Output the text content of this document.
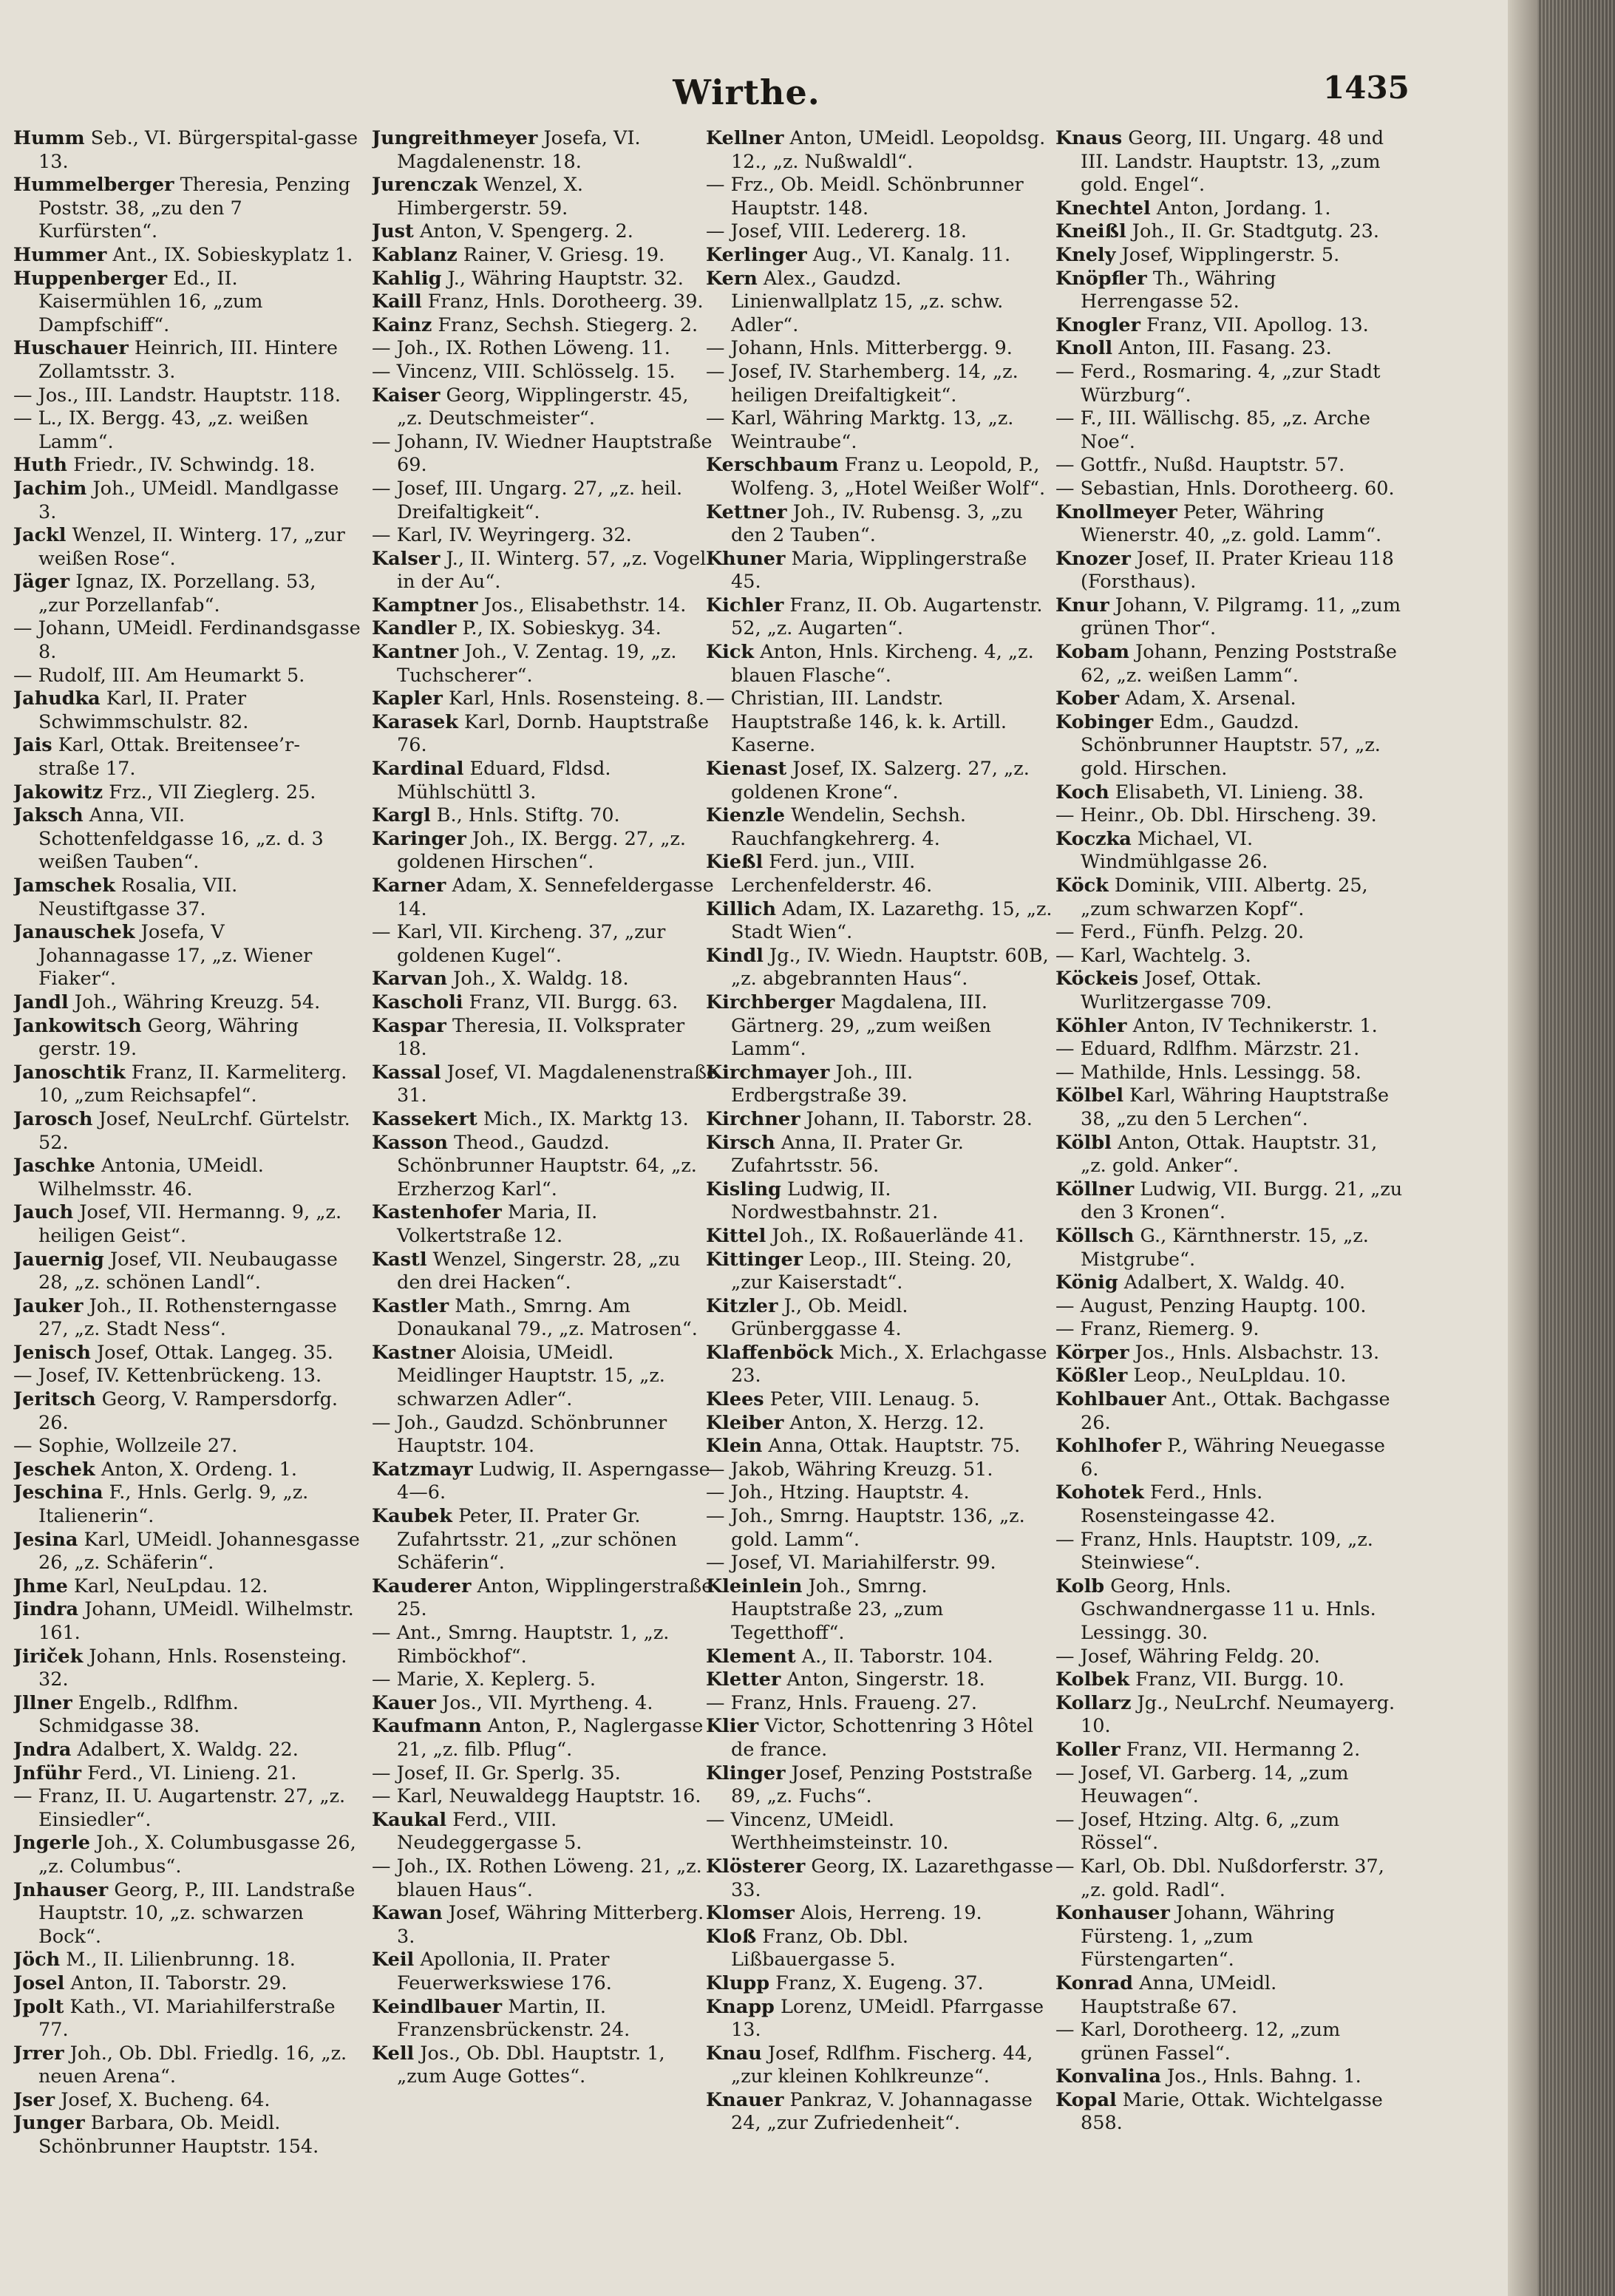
Wirthe.	1435

Humm Seb., VI. Bürgerspital-gasse 13.

Hummelberger Theresia, Penzing Poststr. 38, „zu den 7 Kurfürsten“.

Hummer Ant., IX. Sobieskyplatz 1.

Huppenberger Ed., II. Kaisermühlen 16, „zum Dampfschiff“.

Huschauer Heinrich, III. Hintere Zollamtsstr. 3.

— Jos., III. Landstr. Hauptstr. 118.

— L., IX. Bergg. 43, „z. weißen Lamm“.

Huth Friedr., IV. Schwindg. 18.

Jachim Joh., UMeidl. Mandlgasse 3.

Jackl Wenzel, II. Winterg. 17, „zur weißen Rose“.

Jäger Ignaz, IX. Porzellang. 53, „zur Porzellanfab“.

— Johann, UMeidl. Ferdinandsgasse 8.

— Rudolf, III. Am Heumarkt 5.

Jahudka Karl, II. Prater Schwimmschulstr. 82.

Jais Karl, Ottak. Breitensee’r-straße 17.

Jakowitz Frz., VII Zieglerg. 25.

Jaksch Anna, VII. Schottenfeldgasse 16, „z. d. 3 weißen Tauben“.

Jamschek Rosalia, VII. Neustiftgasse 37.

Janauschek Josefa, V Johannagasse 17, „z. Wiener Fiaker“.

Jandl Joh., Währing Kreuzg. 54.

Jankowitsch Georg, Währing gerstr. 19.

Janoschtik Franz, II. Karmeliterg. 10, „zum Reichsapfel“.

Jarosch Josef, NeuLrchf. Gürtelstr. 52.

Jaschke Antonia, UMeidl. Wilhelmsstr. 46.

Jauch Josef, VII. Hermanng. 9, „z. heiligen Geist“.

Jauernig Josef, VII. Neubaugasse 28, „z. schönen Landl“.

Jauker Joh., II. Rothensterngasse 27, „z. Stadt Ness“.

Jenisch Josef, Ottak. Langeg. 35.

— Josef, IV. Kettenbrückeng. 13.

Jeritsch Georg, V. Rampersdorfg. 26.

— Sophie, Wollzeile 27.

Jeschek Anton, X. Ordeng. 1.

Jeschina F., Hnls. Gerlg. 9, „z. Italienerin“.

Jesina Karl, UMeidl. Johannesgasse 26, „z. Schäferin“.

Jhme Karl, NeuLpdau. 12.

Jindra Johann, UMeidl. Wilhelmstr. 161.

Jiriček Johann, Hnls. Rosensteing. 32.

Jllner Engelb., Rdlfhm. Schmidgasse 38.

Jndra Adalbert, X. Waldg. 22.

Jnführ Ferd., VI. Linieng. 21.

— Franz, II. U. Augartenstr. 27, „z. Einsiedler“.

Jngerle Joh., X. Columbusgasse 26, „z. Columbus“.

Jnhauser Georg, P., III. Landstraße Hauptstr. 10, „z. schwarzen Bock“.

Jöch M., II. Lilienbrunng. 18.

Josel Anton, II. Taborstr. 29.

Jpolt Kath., VI. Mariahilferstraße 77.

Jrrer Joh., Ob. Dbl. Friedlg. 16, „z. neuen Arena“.

Jser Josef, X. Bucheng. 64.

Junger Barbara, Ob. Meidl. Schönbrunner Hauptstr. 154.

Jungreithmeyer Josefa, VI. Magdalenenstr. 18.

Jurenczak Wenzel, X. Himbergerstr. 59.

Just Anton, V. Spengerg. 2.

Kablanz Rainer, V. Griesg. 19.

Kahlig J., Währing Hauptstr. 32.

Kaill Franz, Hnls. Dorotheerg. 39.

Kainz Franz, Sechsh. Stiegerg. 2.

— Joh., IX. Rothen Löweng. 11.

— Vincenz, VIII. Schlösselg. 15.

Kaiser Georg, Wipplingerstr. 45, „z. Deutschmeister“.

— Johann, IV. Wiedner Hauptstraße 69.

— Josef, III. Ungarg. 27, „z. heil. Dreifaltigkeit“.

— Karl, IV. Weyringerg. 32.

Kalser J., II. Winterg. 57, „z. Vogel in der Au“.

Kamptner Jos., Elisabethstr. 14.

Kandler P., IX. Sobieskyg. 34.

Kantner Joh., V. Zentag. 19, „z. Tuchscherer“.

Kapler Karl, Hnls. Rosensteing. 8.

Karasek Karl, Dornb. Hauptstraße 76.

Kardinal Eduard, Fldsd. Mühlschüttl 3.

Kargl B., Hnls. Stiftg. 70.

Karinger Joh., IX. Bergg. 27, „z. goldenen Hirschen“.

Karner Adam, X. Sennefeldergasse 14.

— Karl, VII. Kircheng. 37, „zur goldenen Kugel“.

Karvan Joh., X. Waldg. 18.

Kascholi Franz, VII. Burgg. 63.

Kaspar Theresia, II. Volksprater 18.

Kassal Josef, VI. Magdalenenstraße 31.

Kassekert Mich., IX. Marktg 13.

Kasson Theod., Gaudzd. Schönbrunner Hauptstr. 64, „z. Erzherzog Karl“.

Kastenhofer Maria, II. Volkertstraße 12.

Kastl Wenzel, Singerstr. 28, „zu den drei Hacken“.

Kastler Math., Smrng. Am Donaukanal 79., „z. Matrosen“.

Kastner Aloisia, UMeidl. Meidlinger Hauptstr. 15, „z. schwarzen Adler“.

— Joh., Gaudzd. Schönbrunner Hauptstr. 104.

Katzmayr Ludwig, II. Asperngasse 4—6.

Kaubek Peter, II. Prater Gr. Zufahrtsstr. 21, „zur schönen Schäferin“.

Kauderer Anton, Wipplingerstraße 25.

— Ant., Smrng. Hauptstr. 1, „z. Rimböckhof“.

— Marie, X. Keplerg. 5.

Kauer Jos., VII. Myrtheng. 4.

Kaufmann Anton, P., Naglergasse 21, „z. filb. Pflug“.

— Josef, II. Gr. Sperlg. 35.

— Karl, Neuwaldegg Hauptstr. 16.

Kaukal Ferd., VIII. Neudeggergasse 5.

— Joh., IX. Rothen Löweng. 21, „z. blauen Haus“.

Kawan Josef, Währing Mitterberg. 3.

Keil Apollonia, II. Prater Feuerwerkswiese 176.

Keindlbauer Martin, II. Franzensbrückenstr. 24.

Kell Jos., Ob. Dbl. Hauptstr. 1, „zum Auge Gottes“.

Kellner Anton, UMeidl. Leopoldsg. 12., „z. Nußwaldl“.

— Frz., Ob. Meidl. Schönbrunner Hauptstr. 148.

— Josef, VIII. Ledererg. 18.

Kerlinger Aug., VI. Kanalg. 11.

Kern Alex., Gaudzd. Linienwallplatz 15, „z. schw. Adler“.

— Johann, Hnls. Mitterbergg. 9.

— Josef, IV. Starhemberg. 14, „z. heiligen Dreifaltigkeit“.

— Karl, Währing Marktg. 13, „z. Weintraube“.

Kerschbaum Franz u. Leopold, P., Wolfeng. 3, „Hotel Weißer Wolf“.

Kettner Joh., IV. Rubensg. 3, „zu den 2 Tauben“.

Khuner Maria, Wipplingerstraße 45.

Kichler Franz, II. Ob. Augartenstr. 52, „z. Augarten“.

Kick Anton, Hnls. Kircheng. 4, „z. blauen Flasche“.

— Christian, III. Landstr. Hauptstraße 146, k. k. Artill. Kaserne.

Kienast Josef, IX. Salzerg. 27, „z. goldenen Krone“.

Kienzle Wendelin, Sechsh. Rauchfangkehrerg. 4.

Kießl Ferd. jun., VIII. Lerchenfelderstr. 46.

Killich Adam, IX. Lazarethg. 15, „z. Stadt Wien“.

Kindl Jg., IV. Wiedn. Hauptstr. 60B, „z. abgebrannten Haus“.

Kirchberger Magdalena, III. Gärtnerg. 29, „zum weißen Lamm“.

Kirchmayer Joh., III. Erdbergstraße 39.

Kirchner Johann, II. Taborstr. 28.

Kirsch Anna, II. Prater Gr. Zufahrtsstr. 56.

Kisling Ludwig, II. Nordwestbahnstr. 21.

Kittel Joh., IX. Roßauerlände 41.

Kittinger Leop., III. Steing. 20, „zur Kaiserstadt“.

Kitzler J., Ob. Meidl. Grünberggasse 4.

Klaffenböck Mich., X. Erlachgasse 23.

Klees Peter, VIII. Lenaug. 5.

Kleiber Anton, X. Herzg. 12.

Klein Anna, Ottak. Hauptstr. 75.

— Jakob, Währing Kreuzg. 51.

— Joh., Htzing. Hauptstr. 4.

— Joh., Smrng. Hauptstr. 136, „z. gold. Lamm“.

— Josef, VI. Mariahilferstr. 99.

Kleinlein Joh., Smrng. Hauptstraße 23, „zum Tegetthoff“.

Klement A., II. Taborstr. 104.

Kletter Anton, Singerstr. 18.

— Franz, Hnls. Fraueng. 27.

Klier Victor, Schottenring 3 Hôtel de france.

Klinger Josef, Penzing Poststraße 89, „z. Fuchs“.

— Vincenz, UMeidl. Werthheimsteinstr. 10.

Klösterer Georg, IX. Lazarethgasse 33.

Klomser Alois, Herreng. 19.

Kloß Franz, Ob. Dbl. Lißbauergasse 5.

Klupp Franz, X. Eugeng. 37.

Knapp Lorenz, UMeidl. Pfarrgasse 13.

Knau Josef, Rdlfhm. Fischerg. 44, „zur kleinen Kohlkreunze“.

Knauer Pankraz, V. Johannagasse 24, „zur Zufriedenheit“.

Knaus Georg, III. Ungarg. 48 und III. Landstr. Hauptstr. 13, „zum gold. Engel“.

Knechtel Anton, Jordang. 1.

Kneißl Joh., II. Gr. Stadtgutg. 23.

Knely Josef, Wipplingerstr. 5.

Knöpfler Th., Währing Herrengasse 52.

Knogler Franz, VII. Apollog. 13.

Knoll Anton, III. Fasang. 23.

— Ferd., Rosmaring. 4, „zur Stadt Würzburg“.

— F., III. Wällischg. 85, „z. Arche Noe“.

— Gottfr., Nußd. Hauptstr. 57.

— Sebastian, Hnls. Dorotheerg. 60.

Knollmeyer Peter, Währing Wienerstr. 40, „z. gold. Lamm“.

Knozer Josef, II. Prater Krieau 118 (Forsthaus).

Knur Johann, V. Pilgramg. 11, „zum grünen Thor“.

Kobam Johann, Penzing Poststraße 62, „z. weißen Lamm“.

Kober Adam, X. Arsenal.

Kobinger Edm., Gaudzd. Schönbrunner Hauptstr. 57, „z. gold. Hirschen.

Koch Elisabeth, VI. Linieng. 38.

— Heinr., Ob. Dbl. Hirscheng. 39.

Koczka Michael, VI. Windmühlgasse 26.

Köck Dominik, VIII. Albertg. 25, „zum schwarzen Kopf“.

— Ferd., Fünfh. Pelzg. 20.

— Karl, Wachtelg. 3.

Köckeis Josef, Ottak. Wurlitzergasse 709.

Köhler Anton, IV Technikerstr. 1.

— Eduard, Rdlfhm. Märzstr. 21.

— Mathilde, Hnls. Lessingg. 58.

Kölbel Karl, Währing Hauptstraße 38, „zu den 5 Lerchen“.

Kölbl Anton, Ottak. Hauptstr. 31, „z. gold. Anker“.

Köllner Ludwig, VII. Burgg. 21, „zu den 3 Kronen“.

Köllsch G., Kärnthnerstr. 15, „z. Mistgrube“.

König Adalbert, X. Waldg. 40.

— August, Penzing Hauptg. 100.

— Franz, Riemerg. 9.

Körper Jos., Hnls. Alsbachstr. 13.

Kößler Leop., NeuLpldau. 10.

Kohlbauer Ant., Ottak. Bachgasse 26.

Kohlhofer P., Währing Neuegasse 6.

Kohotek Ferd., Hnls. Rosensteingasse 42.

— Franz, Hnls. Hauptstr. 109, „z. Steinwiese“.

Kolb Georg, Hnls. Gschwandnergasse 11 u. Hnls. Lessingg. 30.

— Josef, Währing Feldg. 20.

Kolbek Franz, VII. Burgg. 10.

Kollarz Jg., NeuLrchf. Neumayerg. 10.

Koller Franz, VII. Hermanng 2.

— Josef, VI. Garberg. 14, „zum Heuwagen“.

— Josef, Htzing. Altg. 6, „zum Rössel“.

— Karl, Ob. Dbl. Nußdorferstr. 37, „z. gold. Radl“.

Konhauser Johann, Währing Fürsteng. 1, „zum Fürstengarten“.

Konrad Anna, UMeidl. Hauptstraße 67.

— Karl, Dorotheerg. 12, „zum grünen Fassel“.

Konvalina Jos., Hnls. Bahng. 1.

Kopal Marie, Ottak. Wichtelgasse 858.
